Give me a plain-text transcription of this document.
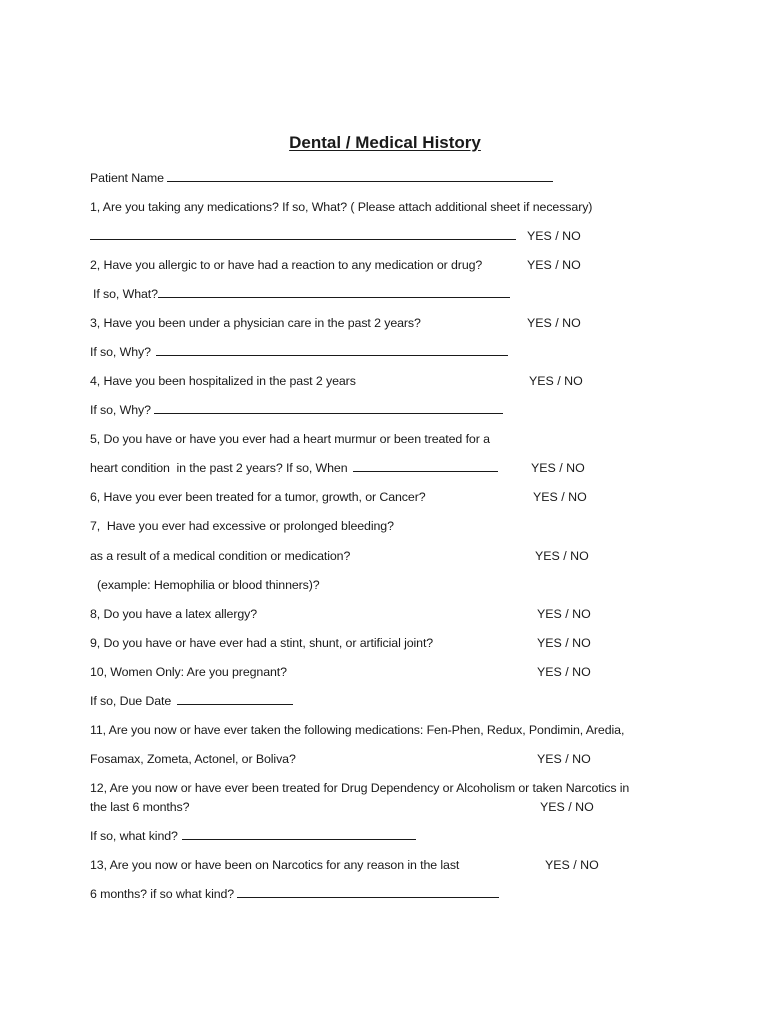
Dental / Medical History
Patient Name
1, Are you taking any medications? If so, What? ( Please attach additional sheet if necessary)
YES / NO
2, Have you allergic to or have had a reaction to any medication or drug?	YES / NO
If so, What?
3, Have you been under a physician care in the past 2 years?	YES / NO
If so, Why?
4, Have you been hospitalized in the past 2 years	YES / NO
If so, Why?
5, Do you have or have you ever had a heart murmur or been treated for a
heart condition  in the past 2 years? If so, When	YES / NO
6, Have you ever been treated for a tumor, growth, or Cancer?	YES / NO
7,  Have you ever had excessive or prolonged bleeding?
as a result of a medical condition or medication?	YES / NO
(example: Hemophilia or blood thinners)?
8, Do you have a latex allergy?	YES / NO
9, Do you have or have ever had a stint, shunt, or artificial joint?	YES / NO
10, Women Only: Are you pregnant?	YES / NO
If so, Due Date
11, Are you now or have ever taken the following medications: Fen-Phen, Redux, Pondimin, Aredia,
Fosamax, Zometa, Actonel, or Boliva?	YES / NO
12, Are you now or have ever been treated for Drug Dependency or Alcoholism or taken Narcotics in
the last 6 months?	YES / NO
If so, what kind?
13, Are you now or have been on Narcotics for any reason in the last	YES / NO
6 months? if so what kind?
